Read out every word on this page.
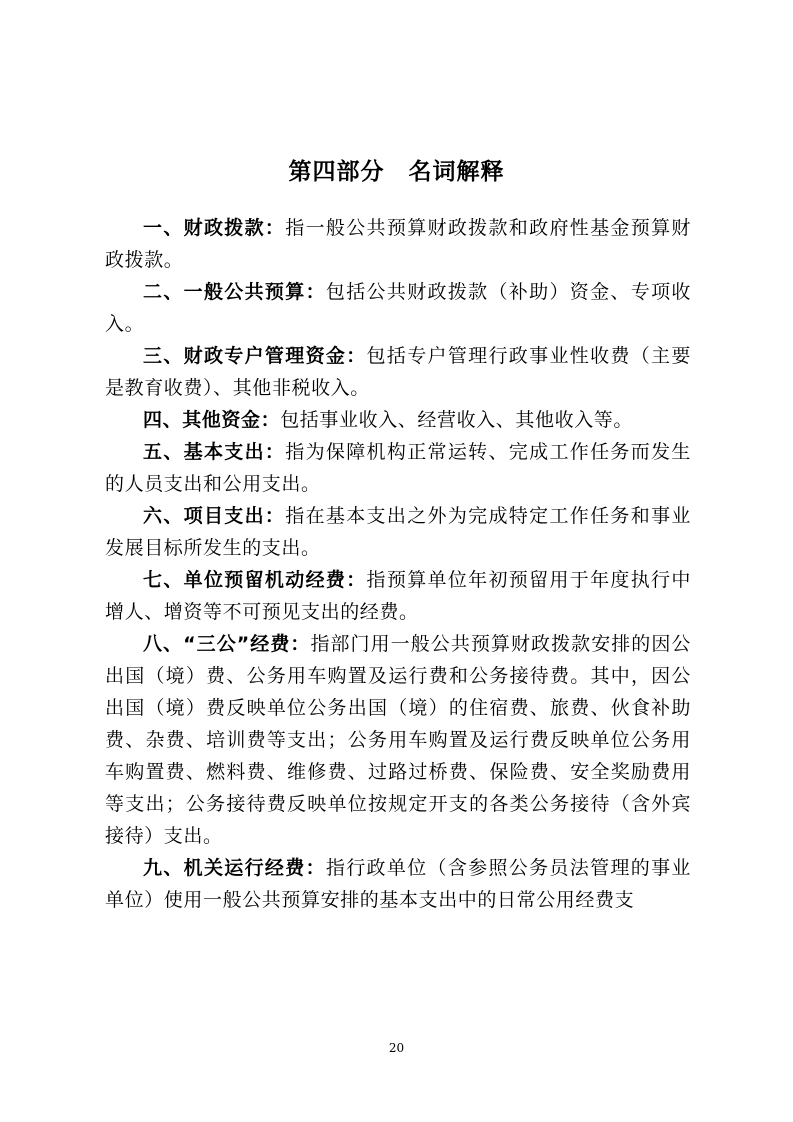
第四部分　名词解释

一、财政拨款：指一般公共预算财政拨款和政府性基金预算财政拨款。

二、一般公共预算：包括公共财政拨款（补助）资金、专项收入。

三、财政专户管理资金：包括专户管理行政事业性收费（主要是教育收费）、其他非税收入。

四、其他资金：包括事业收入、经营收入、其他收入等。

五、基本支出：指为保障机构正常运转、完成工作任务而发生的人员支出和公用支出。

六、项目支出：指在基本支出之外为完成特定工作任务和事业发展目标所发生的支出。

七、单位预留机动经费：指预算单位年初预留用于年度执行中增人、增资等不可预见支出的经费。

八、“三公”经费：指部门用一般公共预算财政拨款安排的因公出国（境）费、公务用车购置及运行费和公务接待费。其中，因公出国（境）费反映单位公务出国（境）的住宿费、旅费、伙食补助费、杂费、培训费等支出；公务用车购置及运行费反映单位公务用车购置费、燃料费、维修费、过路过桥费、保险费、安全奖励费用等支出；公务接待费反映单位按规定开支的各类公务接待（含外宾接待）支出。

九、机关运行经费：指行政单位（含参照公务员法管理的事业单位）使用一般公共预算安排的基本支出中的日常公用经费支

20
